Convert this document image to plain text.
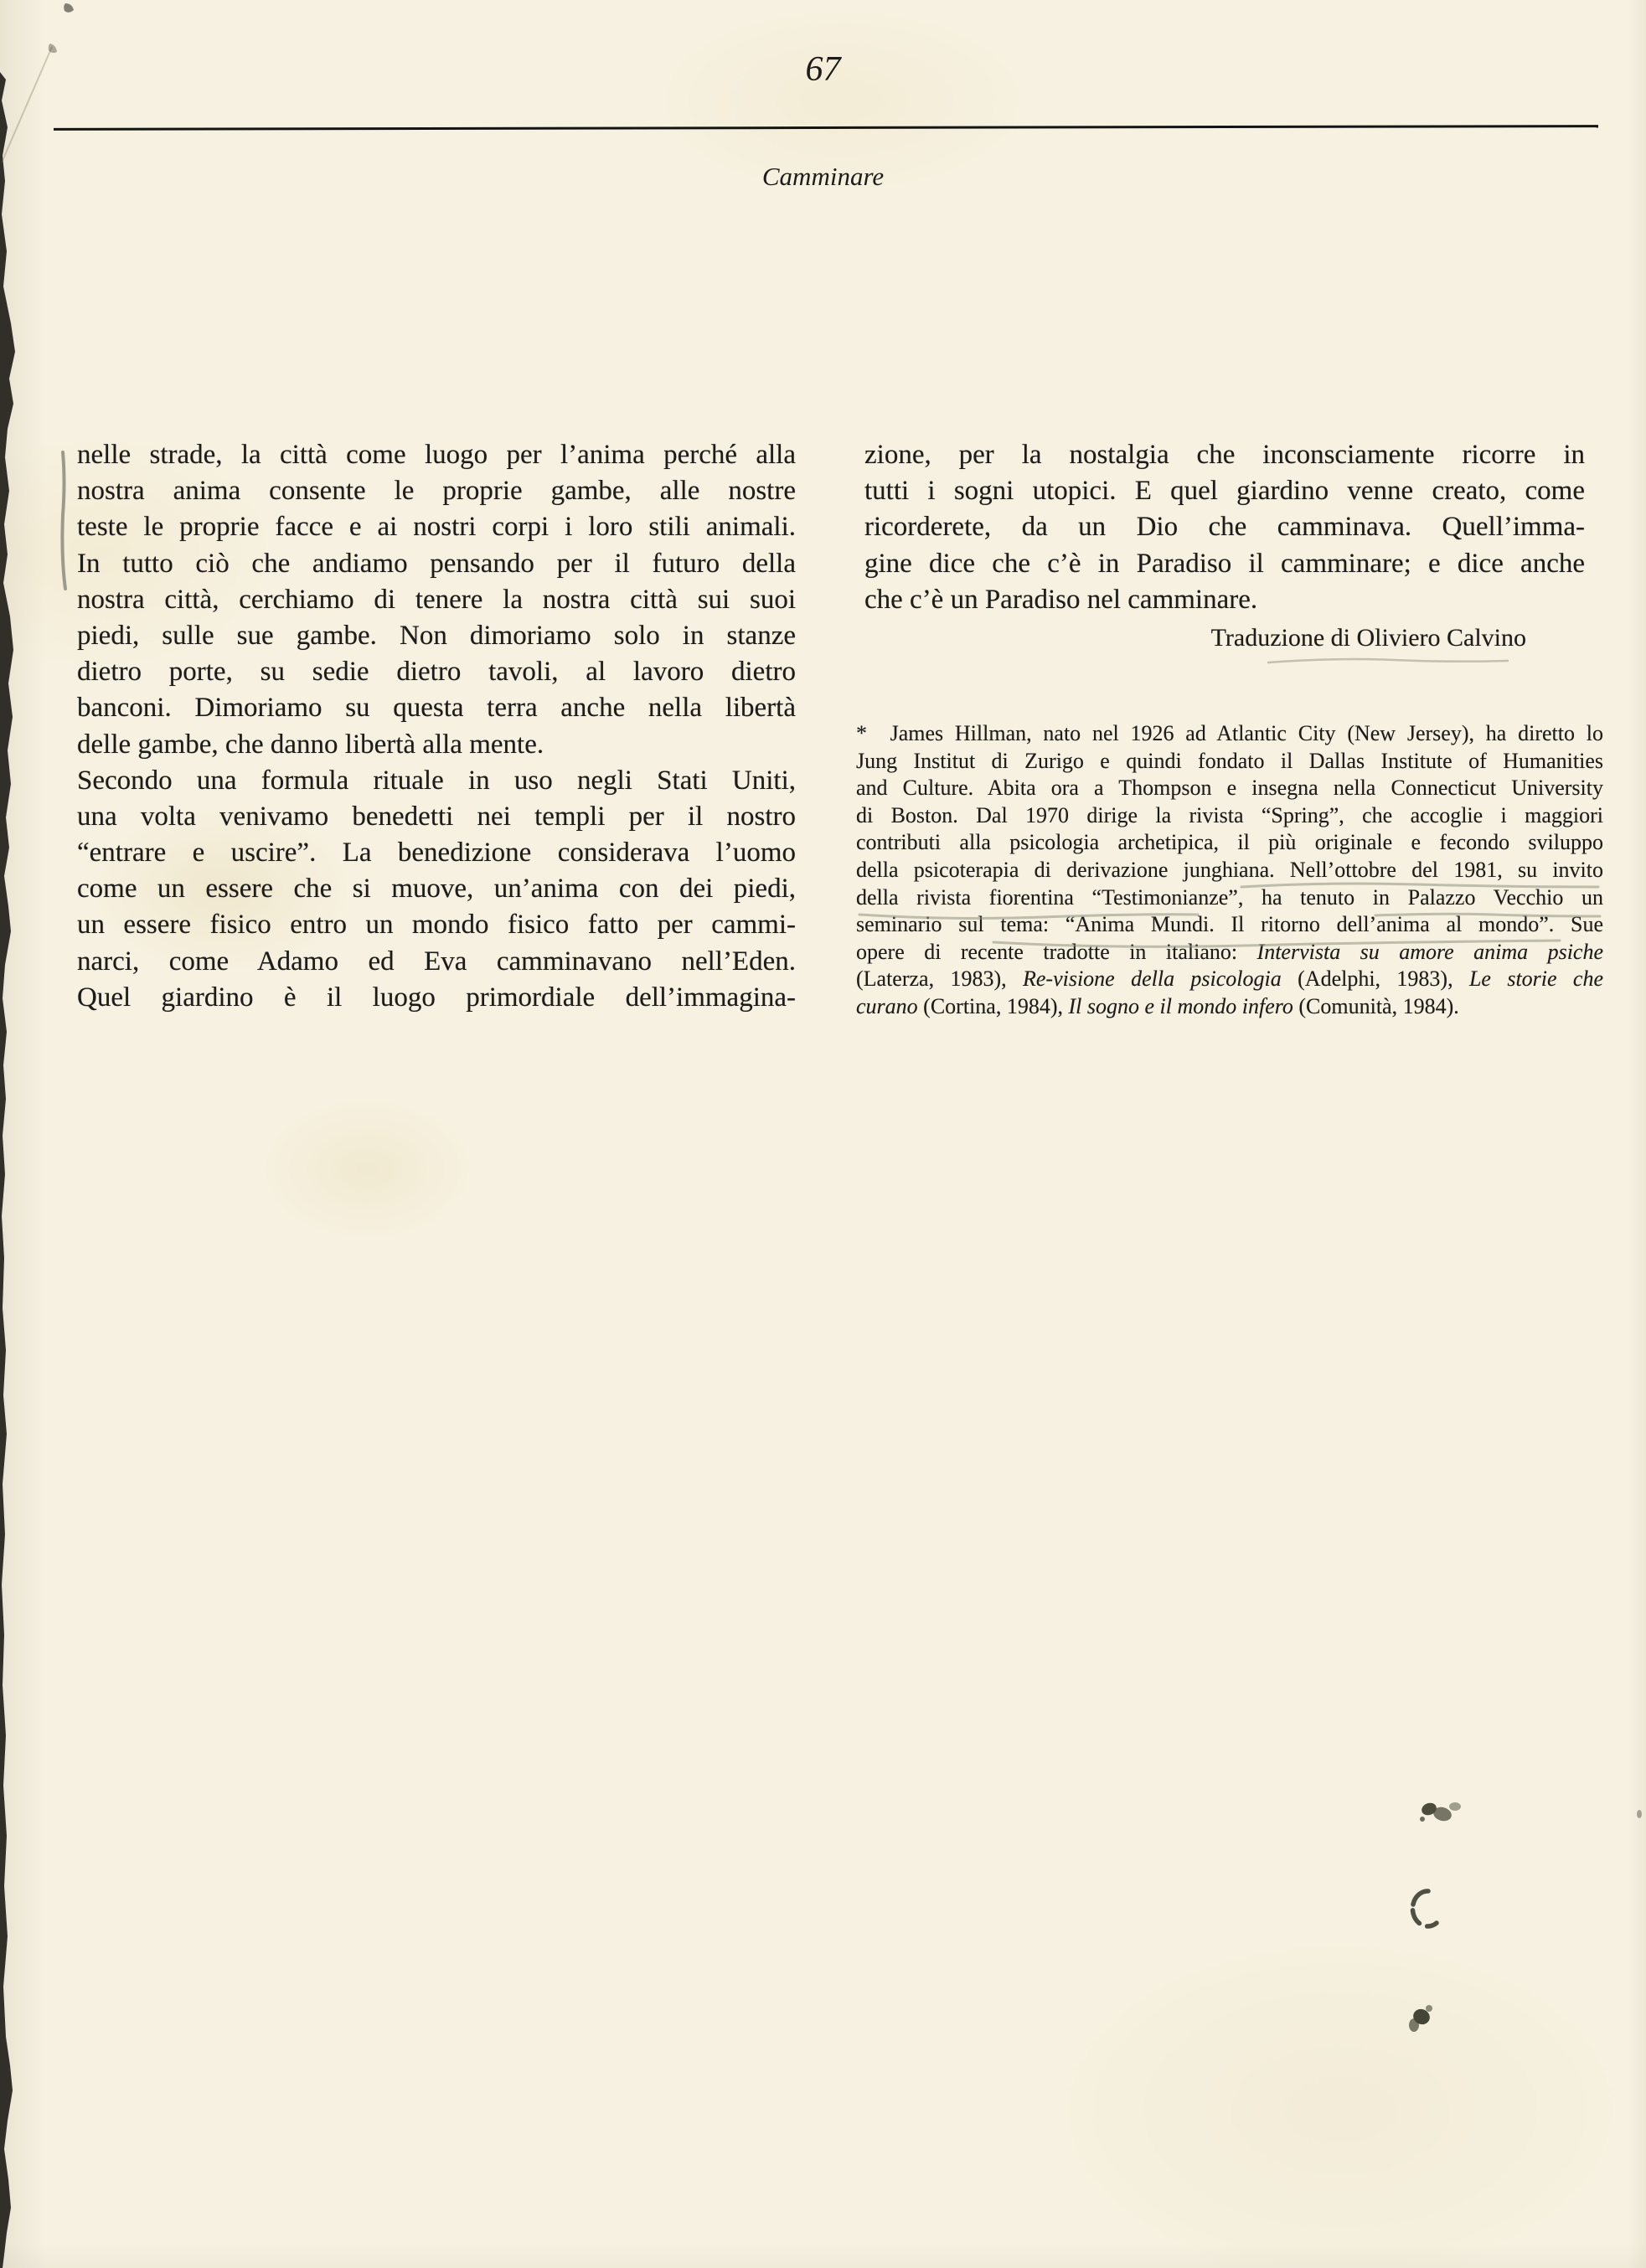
67
Camminare
nelle strade, la città come luogo per l’anima perché alla
nostra anima consente le proprie gambe, alle nostre
teste le proprie facce e ai nostri corpi i loro stili animali.
In tutto ciò che andiamo pensando per il futuro della
nostra città, cerchiamo di tenere la nostra città sui suoi
piedi, sulle sue gambe. Non dimoriamo solo in stanze
dietro porte, su sedie dietro tavoli, al lavoro dietro
banconi. Dimoriamo su questa terra anche nella libertà
delle gambe, che danno libertà alla mente.
Secondo una formula rituale in uso negli Stati Uniti,
una volta venivamo benedetti nei templi per il nostro
“entrare e uscire”. La benedizione considerava l’uomo
come un essere che si muove, un’anima con dei piedi,
un essere fisico entro un mondo fisico fatto per cammi-
narci, come Adamo ed Eva camminavano nell’Eden.
Quel giardino è il luogo primordiale dell’immagina-
zione, per la nostalgia che inconsciamente ricorre in
tutti i sogni utopici. E quel giardino venne creato, come
ricorderete, da un Dio che camminava. Quell’imma-
gine dice che c’è in Paradiso il camminare; e dice anche
che c’è un Paradiso nel camminare.
Traduzione di Oliviero Calvino
*  James Hillman, nato nel 1926 ad Atlantic City (New Jersey), ha diretto lo
Jung Institut di Zurigo e quindi fondato il Dallas Institute of Humanities
and Culture. Abita ora a Thompson e insegna nella Connecticut University
di Boston. Dal 1970 dirige la rivista “Spring”, che accoglie i maggiori
contributi alla psicologia archetipica, il più originale e fecondo sviluppo
della psicoterapia di derivazione junghiana. Nell’ottobre del 1981, su invito
della rivista fiorentina “Testimonianze”, ha tenuto in Palazzo Vecchio un
seminario sul tema: “Anima Mundi. Il ritorno dell’anima al mondo”. Sue
opere di recente tradotte in italiano: Intervista su amore anima psiche
(Laterza, 1983), Re-visione della psicologia (Adelphi, 1983), Le storie che
curano (Cortina, 1984), Il sogno e il mondo infero (Comunità, 1984).
